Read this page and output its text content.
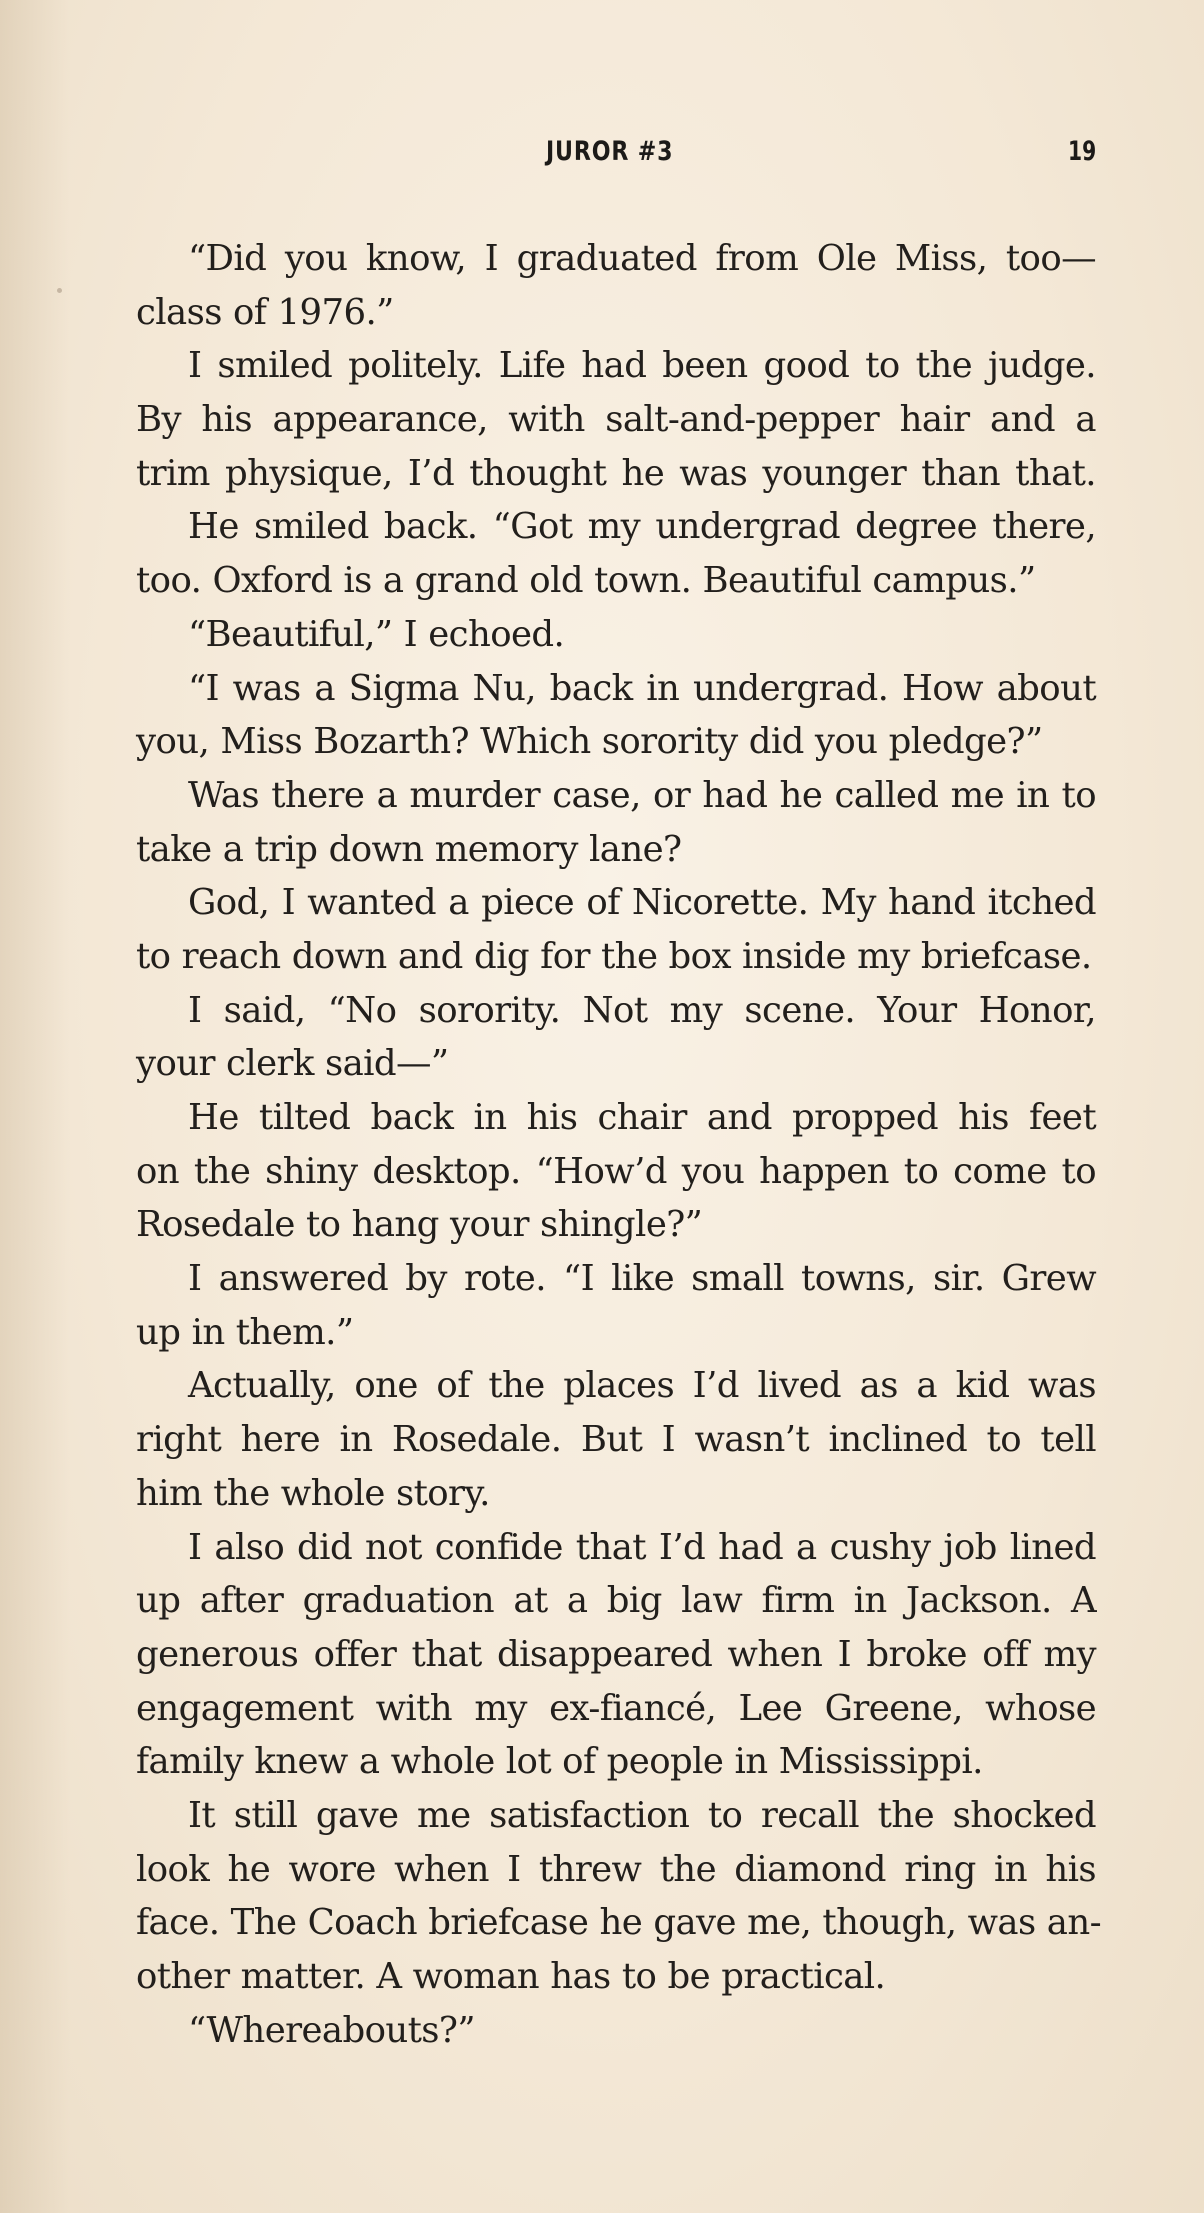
JUROR #3	19
“Did you know, I graduated from Ole Miss, too—
class of 1976.”
I smiled politely. Life had been good to the judge.
By his appearance, with salt-and-pepper hair and a
trim physique, I’d thought he was younger than that.
He smiled back. “Got my undergrad degree there,
too. Oxford is a grand old town. Beautiful campus.”
“Beautiful,” I echoed.
“I was a Sigma Nu, back in undergrad. How about
you, Miss Bozarth? Which sorority did you pledge?”
Was there a murder case, or had he called me in to
take a trip down memory lane?
God, I wanted a piece of Nicorette. My hand itched
to reach down and dig for the box inside my briefcase.
I said, “No sorority. Not my scene. Your Honor,
your clerk said—”
He tilted back in his chair and propped his feet
on the shiny desktop. “How’d you happen to come to
Rosedale to hang your shingle?”
I answered by rote. “I like small towns, sir. Grew
up in them.”
Actually, one of the places I’d lived as a kid was
right here in Rosedale. But I wasn’t inclined to tell
him the whole story.
I also did not confide that I’d had a cushy job lined
up after graduation at a big law firm in Jackson. A
generous offer that disappeared when I broke off my
engagement with my ex-fiancé, Lee Greene, whose
family knew a whole lot of people in Mississippi.
It still gave me satisfaction to recall the shocked
look he wore when I threw the diamond ring in his
face. The Coach briefcase he gave me, though, was an-
other matter. A woman has to be practical.
“Whereabouts?”
